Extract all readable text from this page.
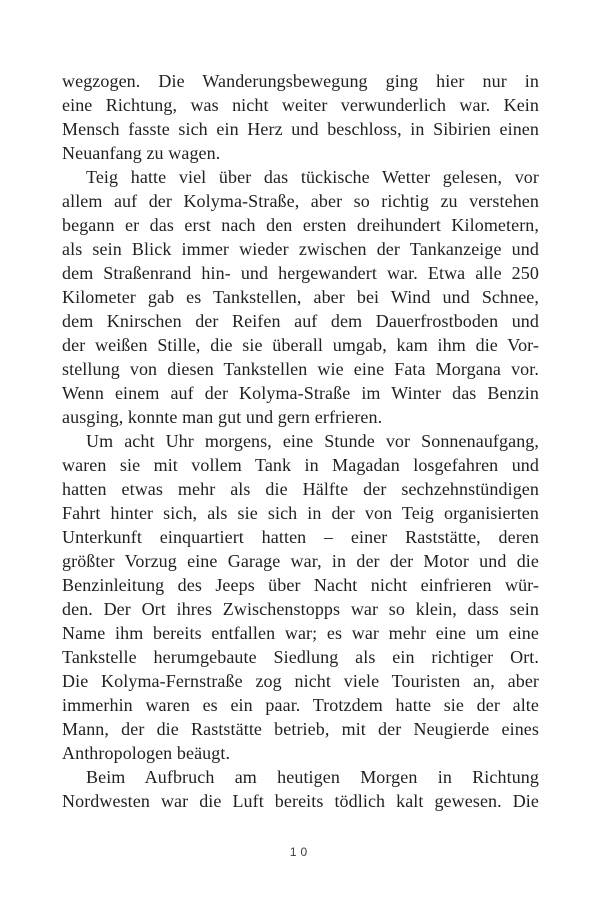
wegzogen. Die Wanderungsbewegung ging hier nur in
eine Richtung, was nicht weiter verwunderlich war. Kein
Mensch fasste sich ein Herz und beschloss, in Sibirien einen
Neuanfang zu wagen.
Teig hatte viel über das tückische Wetter gelesen, vor
allem auf der Kolyma-Straße, aber so richtig zu verstehen
begann er das erst nach den ersten dreihundert Kilometern,
als sein Blick immer wieder zwischen der Tankanzeige und
dem Straßenrand hin- und hergewandert war. Etwa alle 250
Kilometer gab es Tankstellen, aber bei Wind und Schnee,
dem Knirschen der Reifen auf dem Dauerfrostboden und
der weißen Stille, die sie überall umgab, kam ihm die Vor-
stellung von diesen Tankstellen wie eine Fata Morgana vor.
Wenn einem auf der Kolyma-Straße im Winter das Benzin
ausging, konnte man gut und gern erfrieren.
Um acht Uhr morgens, eine Stunde vor Sonnenaufgang,
waren sie mit vollem Tank in Magadan losgefahren und
hatten etwas mehr als die Hälfte der sechzehnstündigen
Fahrt hinter sich, als sie sich in der von Teig organisierten
Unterkunft einquartiert hatten – einer Raststätte, deren
größter Vorzug eine Garage war, in der der Motor und die
Benzinleitung des Jeeps über Nacht nicht einfrieren wür-
den. Der Ort ihres Zwischenstopps war so klein, dass sein
Name ihm bereits entfallen war; es war mehr eine um eine
Tankstelle herumgebaute Siedlung als ein richtiger Ort.
Die Kolyma-Fernstraße zog nicht viele Touristen an, aber
immerhin waren es ein paar. Trotzdem hatte sie der alte
Mann, der die Raststätte betrieb, mit der Neugierde eines
Anthropologen beäugt.
Beim Aufbruch am heutigen Morgen in Richtung
Nordwesten war die Luft bereits tödlich kalt gewesen. Die
10
